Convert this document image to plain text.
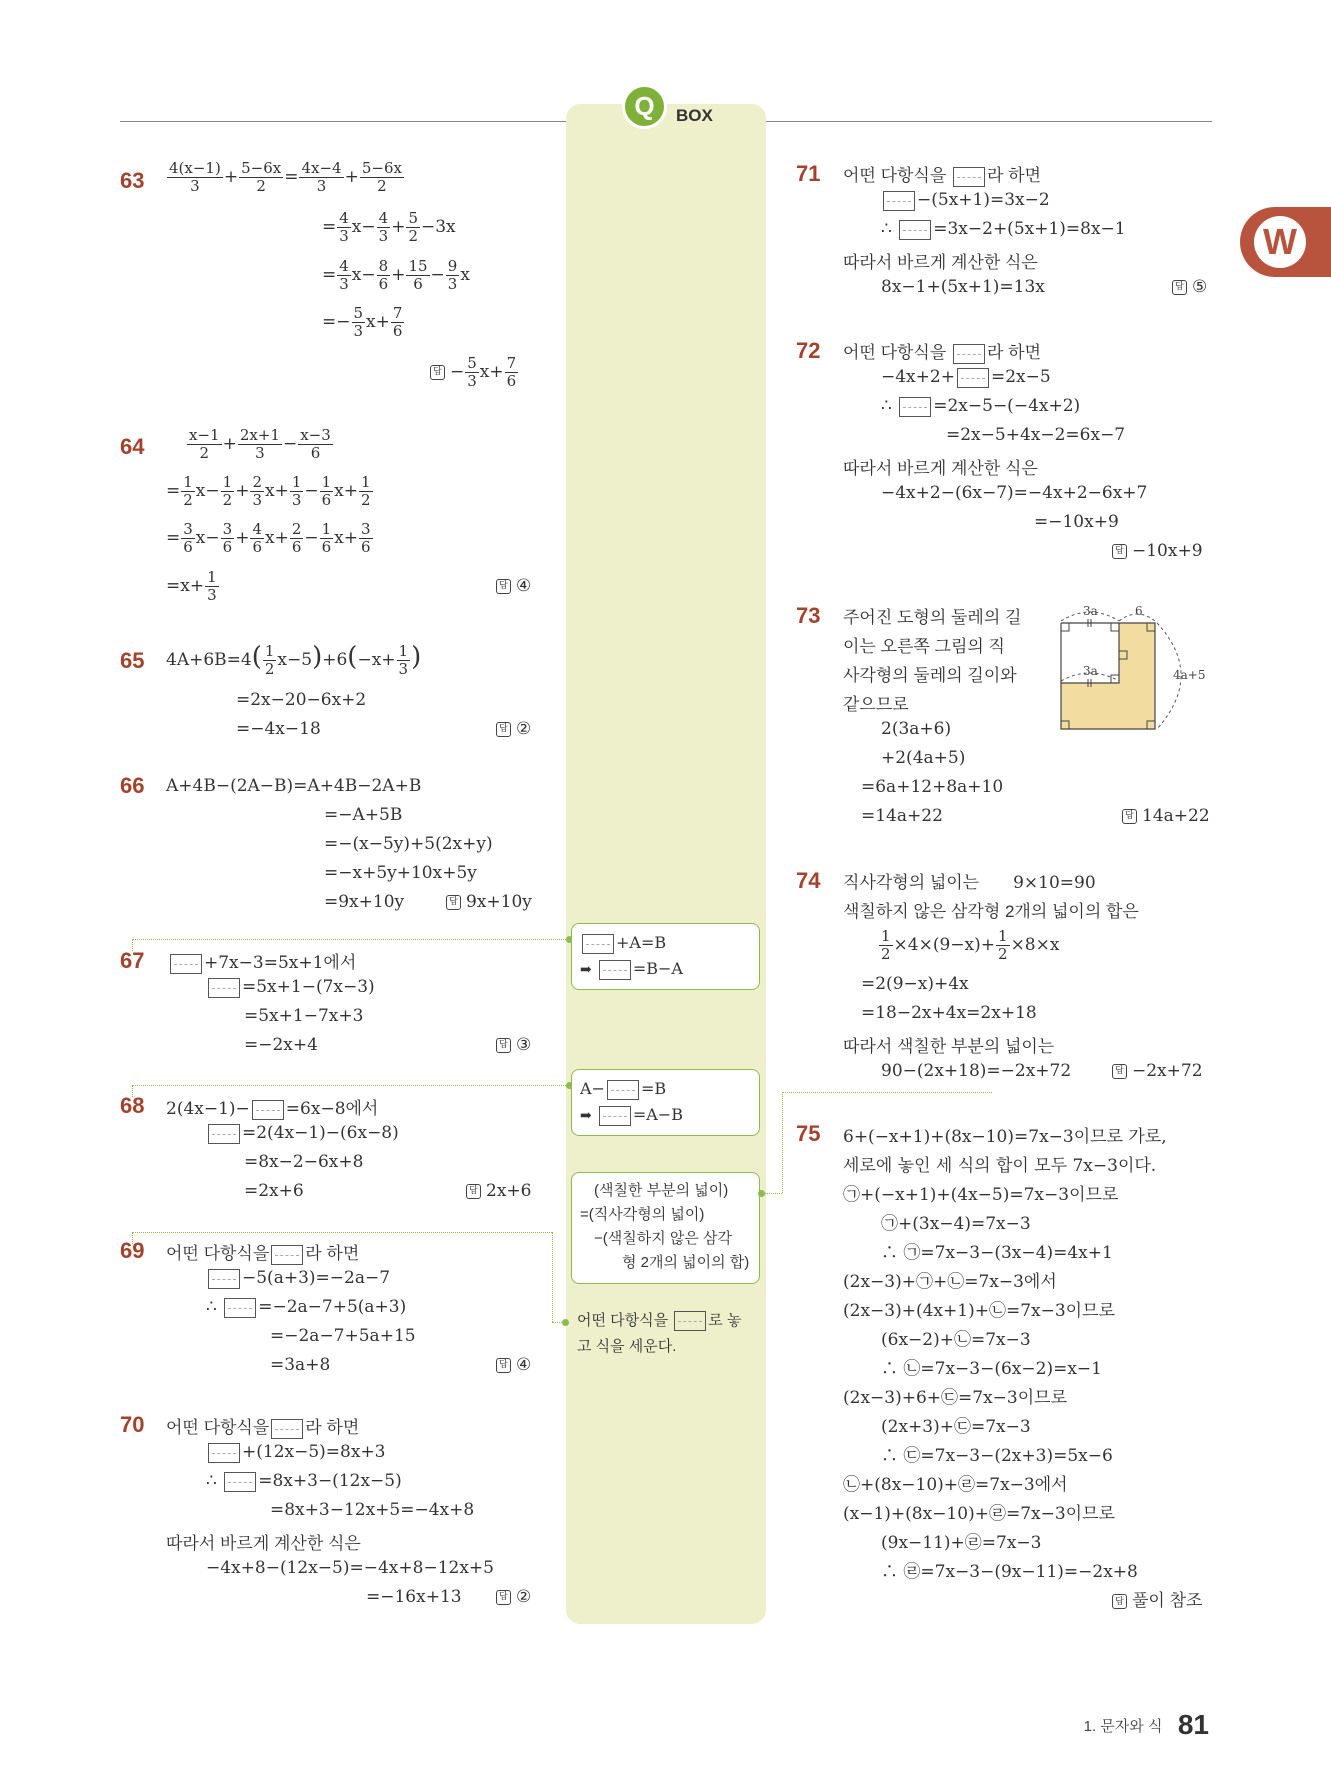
Q	BOX
W
$63 \frac{4(x-1)}{3} + \frac{5-6x}{2} = \frac{4x-4}{3} + \frac{5-6x}{2}$
= $\frac{4}{3} x- \frac{4}{3} + \frac{5}{2} -3x$
= $\frac{4}{3} x- \frac{8}{6} + \frac{15}{6} - \frac{9}{3}$ x
=− $\frac{5}{3} x+ \frac{7}{6}$
답 − $\frac{5}{3} x+ \frac{7}{6}$
64	$\frac{x-1}{2} + \frac{2x+1}{3} - \frac{x-3}{6}$
= $\frac{1}{2} x- \frac{1}{2} + \frac{2}{3} x+ \frac{1}{3} - \frac{1}{6} x+ \frac{1}{2}$
= $\frac{3}{6} x- \frac{3}{6} + \frac{4}{6} x+ \frac{2}{6} - \frac{1}{6} x+ \frac{3}{6}$
$=x+ \frac{1}{3}$	답 ④
65 $4A+6B=4( \frac{1}{2} x-5)+6(-x+ \frac{1}{3}$ )
=2x−20−6x+2
=−4x−18	답 ②
66 A+4B−(2A−B)=A+4B−2A+B
=−A+5B
=−(x−5y)+5(2x+y)
=−x+5y+10x+5y
=9x+10y	답 9x+10y
67	+7x−3=5x+1에서
=5x+1−(7x−3)
=5x+1−7x+3
=−2x+4	답 ③
68 2(4x−1)− =6x−8에서
=2(4x−1)−(6x−8)
=8x−2−6x+8
=2x+6	답 2x+6
69 어떤 다항식을 라 하면
−5(a+3)=−2a−7
∴ =−2a−7+5(a+3)
=−2a−7+5a+15
=3a+8	답 ④
70 어떤 다항식을 라 하면
+(12x−5)=8x+3
∴ =8x+3−(12x−5)
=8x+3−12x+5=−4x+8
따라서 바르게 계산한 식은
−4x+8−(12x−5)=−4x+8−12x+5
=−16x+13	답 ②
+A=B
➡	=B−A
A− =B
➡	=A−B
(색칠한 부분의 넓이)
=(직사각형의 넓이)
−(색칠하지 않은 삼각
형 2개의 넓이의 합)
어떤 다항식을	로 놓
고 식을 세운다.
71 어떤 다항식을 라 하면
−(5x+1)=3x−2
∴ =3x−2+(5x+1)=8x−1
따라서 바르게 계산한 식은
8x−1+(5x+1)=13x	답 ⑤
72 어떤 다항식을 라 하면
−4x+2+ =2x−5
∴ =2x−5−(−4x+2)
=2x−5+4x−2=6x−7
따라서 바르게 계산한 식은
−4x+2−(6x−7)=−4x+2−6x+7
=−10x+9
답 −10x+9
73 주어진 도형의 둘레의 길
이는 오른쪽 그림의 직
사각형의 둘레의 길이와
같으므로
2(3a+6)
+2(4a+5)
=6a+12+8a+10
=14a+22	답 14a+22
3a	6
3a	4a+5
74 직사각형의 넓이는 9×10=90
색칠하지 않은 삼각형 2개의 넓이의 합은
$\frac{1}{2} \times 4\times(9-x)+ \frac{1}{2} \times 8\times x$
=2(9−x)+4x
=18−2x+4x=2x+18
따라서 색칠한 부분의 넓이는
90−(2x+18)=−2x+72	답 −2x+72
75 6+(−x+1)+(8x−10)=7x−3이므로 가로,
세로에 놓인 세 식의 합이 모두 7x−3이다.
㉠+(−x+1)+(4x−5)=7x−3이므로
㉠+(3x−4)=7x−3
∴ ㉠=7x−3−(3x−4)=4x+1
(2x−3)+㉠+㉡=7x−3에서
(2x−3)+(4x+1)+㉡=7x−3이므로
(6x−2)+㉡=7x−3
∴ ㉡=7x−3−(6x−2)=x−1
(2x−3)+6+㉢=7x−3이므로
(2x+3)+㉢=7x−3
∴ ㉢=7x−3−(2x+3)=5x−6
㉡+(8x−10)+㉣=7x−3에서
(x−1)+(8x−10)+㉣=7x−3이므로
(9x−11)+㉣=7x−3
∴ ㉣=7x−3−(9x−11)=−2x+8
답 풀이 참조
1. 문자와 식 81
